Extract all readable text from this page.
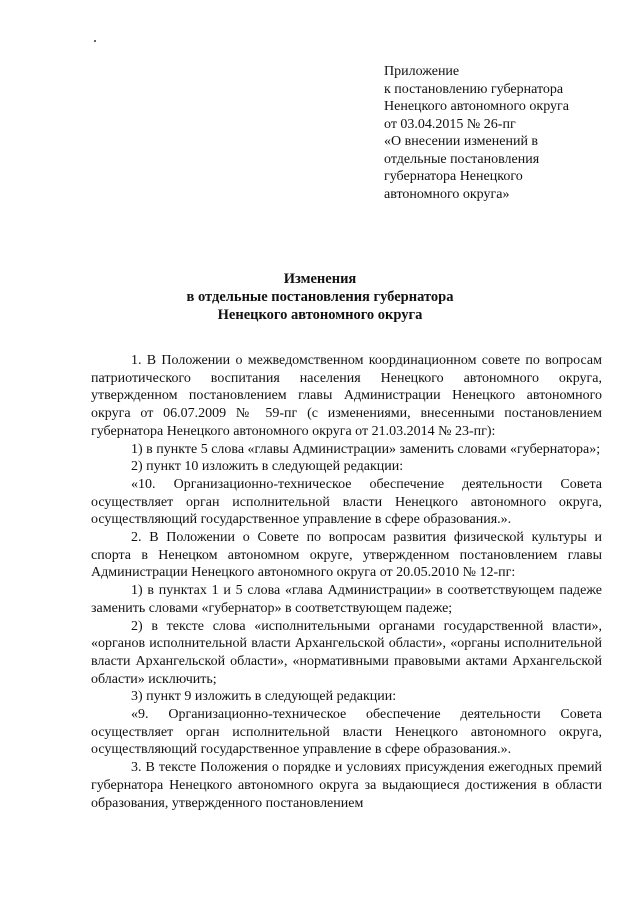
Приложение
к постановлению губернатора
Ненецкого автономного округа
от 03.04.2015 № 26-пг
«О внесении изменений в
отдельные постановления
губернатора Ненецкого
автономного округа»
Изменения
в отдельные постановления губернатора
Ненецкого автономного округа

1. В Положении о межведомственном координационном совете по вопросам патриотического воспитания населения Ненецкого автономного округа, утвержденном постановлением главы Администрации Ненецкого автономного округа от 06.07.2009 № 59-пг (с изменениями, внесенными постановлением губернатора Ненецкого автономного округа от 21.03.2014 № 23-пг):

1) в пункте 5 слова «главы Администрации» заменить словами «губернатора»;

2) пункт 10 изложить в следующей редакции:

«10. Организационно-техническое обеспечение деятельности Совета осуществляет орган исполнительной власти Ненецкого автономного округа, осуществляющий государственное управление в сфере образования.».

2. В Положении о Совете по вопросам развития физической культуры и спорта в Ненецком автономном округе, утвержденном постановлением главы Администрации Ненецкого автономного округа от 20.05.2010 № 12-пг:

1) в пунктах 1 и 5 слова «глава Администрации» в соответствующем падеже заменить словами «губернатор» в соответствующем падеже;

2) в тексте слова «исполнительными органами государственной власти», «органов исполнительной власти Архангельской области», «органы исполнительной власти Архангельской области», «нормативными правовыми актами Архангельской области» исключить;

3) пункт 9 изложить в следующей редакции:

«9. Организационно-техническое обеспечение деятельности Совета осуществляет орган исполнительной власти Ненецкого автономного округа, осуществляющий государственное управление в сфере образования.».

3. В тексте Положения о порядке и условиях присуждения ежегодных премий губернатора Ненецкого автономного округа за выдающиеся достижения в области образования, утвержденного постановлением
